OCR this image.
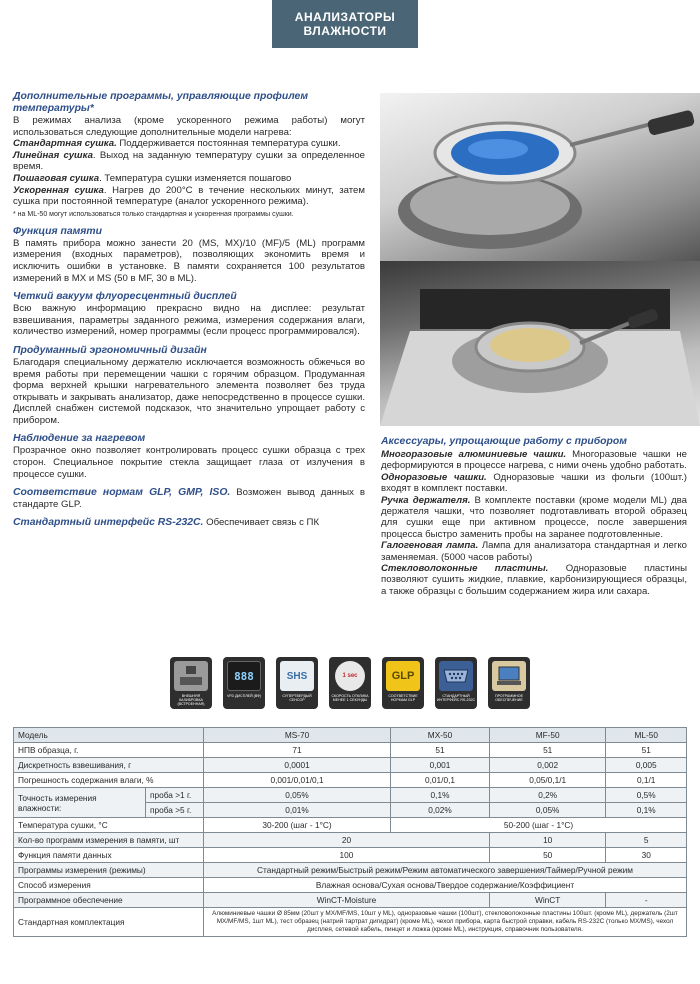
АНАЛИЗАТОРЫ
ВЛАЖНОСТИ
Дополнительные программы, управляющие профилем температуры*
В режимах анализа (кроме ускоренного режима работы) могут использоваться следующие дополнительные модели нагрева:
Стандартная сушка. Поддерживается постоянная температура сушки.
Линейная сушка. Выход на заданную температуру сушки за определенное время.
Пошаговая сушка. Температура сушки изменяется пошагово
Ускоренная сушка. Нагрев до 200°С в течение нескольких минут, затем сушка при постоянной температуре (аналог ускоренного режима).
* на ML-50 могут использоваться только стандартная и ускоренная программы сушки.
Функция памяти
В память прибора можно занести 20 (MS, MX)/10 (MF)/5 (ML) программ измерения (входных параметров), позволяющих экономить время и исключить ошибки в установке. В памяти сохраняется 100 результатов измерений в MX и MS (50 в MF, 30 в ML).
Четкий вакуум флуоресцентный дисплей
Всю важную информацию прекрасно видно на дисплее: результат взвешивания, параметры заданного режима, измерения содержания влаги, количество измерений, номер программы (если процесс программировался).
Продуманный эргономичный дизайн
Благодаря специальному держателю исключается возможность обжечься во время работы при перемещении чашки с горячим образцом. Продуманная форма верхней крышки нагревательного элемента позволяет без труда открывать и закрывать анализатор, даже непосредственно в процессе сушки. Дисплей снабжен системой подсказок, что значительно упрощает работу с прибором.
Наблюдение за нагревом
Прозрачное окно позволяет контролировать процесс сушки образца с трех сторон. Специальное покрытие стекла защищает глаза от излучения в процессе сушки.
Соответствие нормам GLP, GMP, ISO. Возможен вывод данных в стандарте GLP.
Стандартный интерфейс RS-232C. Обеспечивает связь с ПК
Аксессуары, упрощающие работу с прибором
Многоразовые алюминиевые чашки. Многоразовые чашки не деформируются в процессе нагрева, с ними очень удобно работать.
Одноразовые чашки. Одноразовые чашки из фольги (100шт.) входят в комплект поставки.
Ручка держателя. В комплекте поставки (кроме модели ML) два держателя чашки, что позволяет подготавливать второй образец для сушки еще при активном процессе, после завершения процесса быстро заменить пробы на заранее подготовленные.
Галогеновая лампа. Лампа для анализатора стандартная и легко заменяемая. (5000 часов работы)
Стекловолоконные пластины. Одноразовые пластины позволяют сушить жидкие, плавкие, карбонизирующиеся образцы, а также образцы с большим содержанием жира или сахара.
ВНЕШНЯЯ КАЛИБРОВКА (ВСТРОЕННАЯ)
888
VFD ДИСПЛЕЙ (ВФ)
SHS
СУПЕРТВЕРДЫЙ СЕНСОР
1 sec
СКОРОСТЬ ОТКЛИКА МЕНЕЕ 1 СЕКУНДЫ
GLP
СООТВЕТСТВИЕ НОРМАМ GLP
СТАНДАРТНЫЙ ИНТЕРФЕЙС RS-232C
ПРОГРАММНОЕ ОБЕСПЕЧЕНИЕ
Модель		MS-70	MX-50	MF-50	ML-50
НПВ образца, г.		71	51	51	51
Дискретность взвешивания, г		0,0001	0,001	0,002	0,005
Погрешность содержания влаги, %		0,001/0,01/0,1	0,01/0,1	0,05/0,1/1	0,1/1
Точность измерения влажности:	проба >1 г.	0,05%	0,1%	0,2%	0,5%
	проба >5 г.	0,01%	0,02%	0,05%	0,1%
Температура сушки, °С		30-200 (шаг - 1°С)	50-200 (шаг - 1°С)		
Кол-во программ измерения в памяти, шт		20		10	5
Функция памяти данных		100		50	30
Программы измерения (режимы)		Стандартный режим/Быстрый режим/Режим автоматического завершения/Таймер/Ручной режим			
Способ измерения		Влажная основа/Сухая основа/Твердое содержание/Коэффициент			
Программное обеспечение		WinCT-Moisture		WinCT	-
Стандартная комплектация		Алюминиевые чашки Ø 85мм (20шт у MX/MF/MS, 10шт у ML), одноразовые чашки (100шт), стекловолоконные пластины 100шт. (кроме ML), держатель (2шт MX/MF/MS, 1шт ML), тест образец (натрий тартрат дигидрат) (кроме ML), чехол прибора, карта быстрой справки, кабель RS-232C (только MX/MS), чехол дисплея, сетевой кабель, пинцет и ложка (кроме ML), инструкция, справочник пользователя.			
